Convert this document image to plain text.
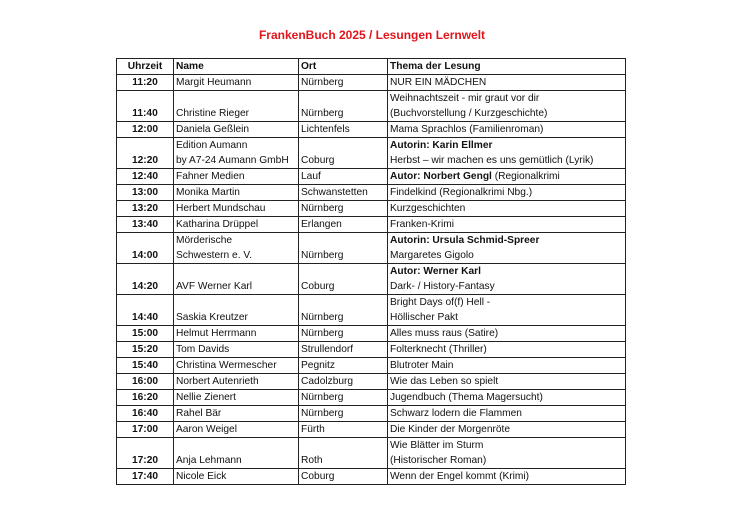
FrankenBuch 2025 / Lesungen Lernwelt
Uhrzeit	Name	Ort	Thema der Lesung
11:20	Margit Heumann	Nürnberg	NUR EIN MÄDCHEN

11:40	Christine Rieger	Nürnberg	Weihnachtszeit - mir graut vor dir
(Buchvorstellung / Kurzgeschichte)

12:00	Daniela Geßlein	Lichtenfels	Mama Sprachlos (Familienroman)

12:20	Edition Aumann
by A7-24 Aumann GmbH	Coburg	Autorin: Karin Ellmer
Herbst – wir machen es uns gemütlich (Lyrik)

12:40	Fahner Medien	Lauf	Autor: Norbert Gengl (Regionalkrimi

13:00	Monika Martin	Schwanstetten	Findelkind (Regionalkrimi Nbg.)

13:20	Herbert Mundschau	Nürnberg	Kurzgeschichten

13:40	Katharina Drüppel	Erlangen	Franken-Krimi

14:00	Mörderische
Schwestern e. V.	Nürnberg	Autorin: Ursula Schmid-Spreer
Margaretes Gigolo

14:20	AVF Werner Karl	Coburg	Autor: Werner Karl
Dark- / History-Fantasy

14:40	Saskia Kreutzer	Nürnberg	Bright Days of(f) Hell -
Höllischer Pakt

15:00	Helmut Herrmann	Nürnberg	Alles muss raus (Satire)

15:20	Tom Davids	Strullendorf	Folterknecht (Thriller)

15:40	Christina Wermescher	Pegnitz	Blutroter Main

16:00	Norbert Autenrieth	Cadolzburg	Wie das Leben so spielt

16:20	Nellie Zienert	Nürnberg	Jugendbuch (Thema Magersucht)

16:40	Rahel Bär	Nürnberg	Schwarz lodern die Flammen

17:00	Aaron Weigel	Fürth	Die Kinder der Morgenröte

17:20	Anja Lehmann	Roth	Wie Blätter im Sturm
(Historischer Roman)

17:40	Nicole Eick	Coburg	Wenn der Engel kommt (Krimi)
